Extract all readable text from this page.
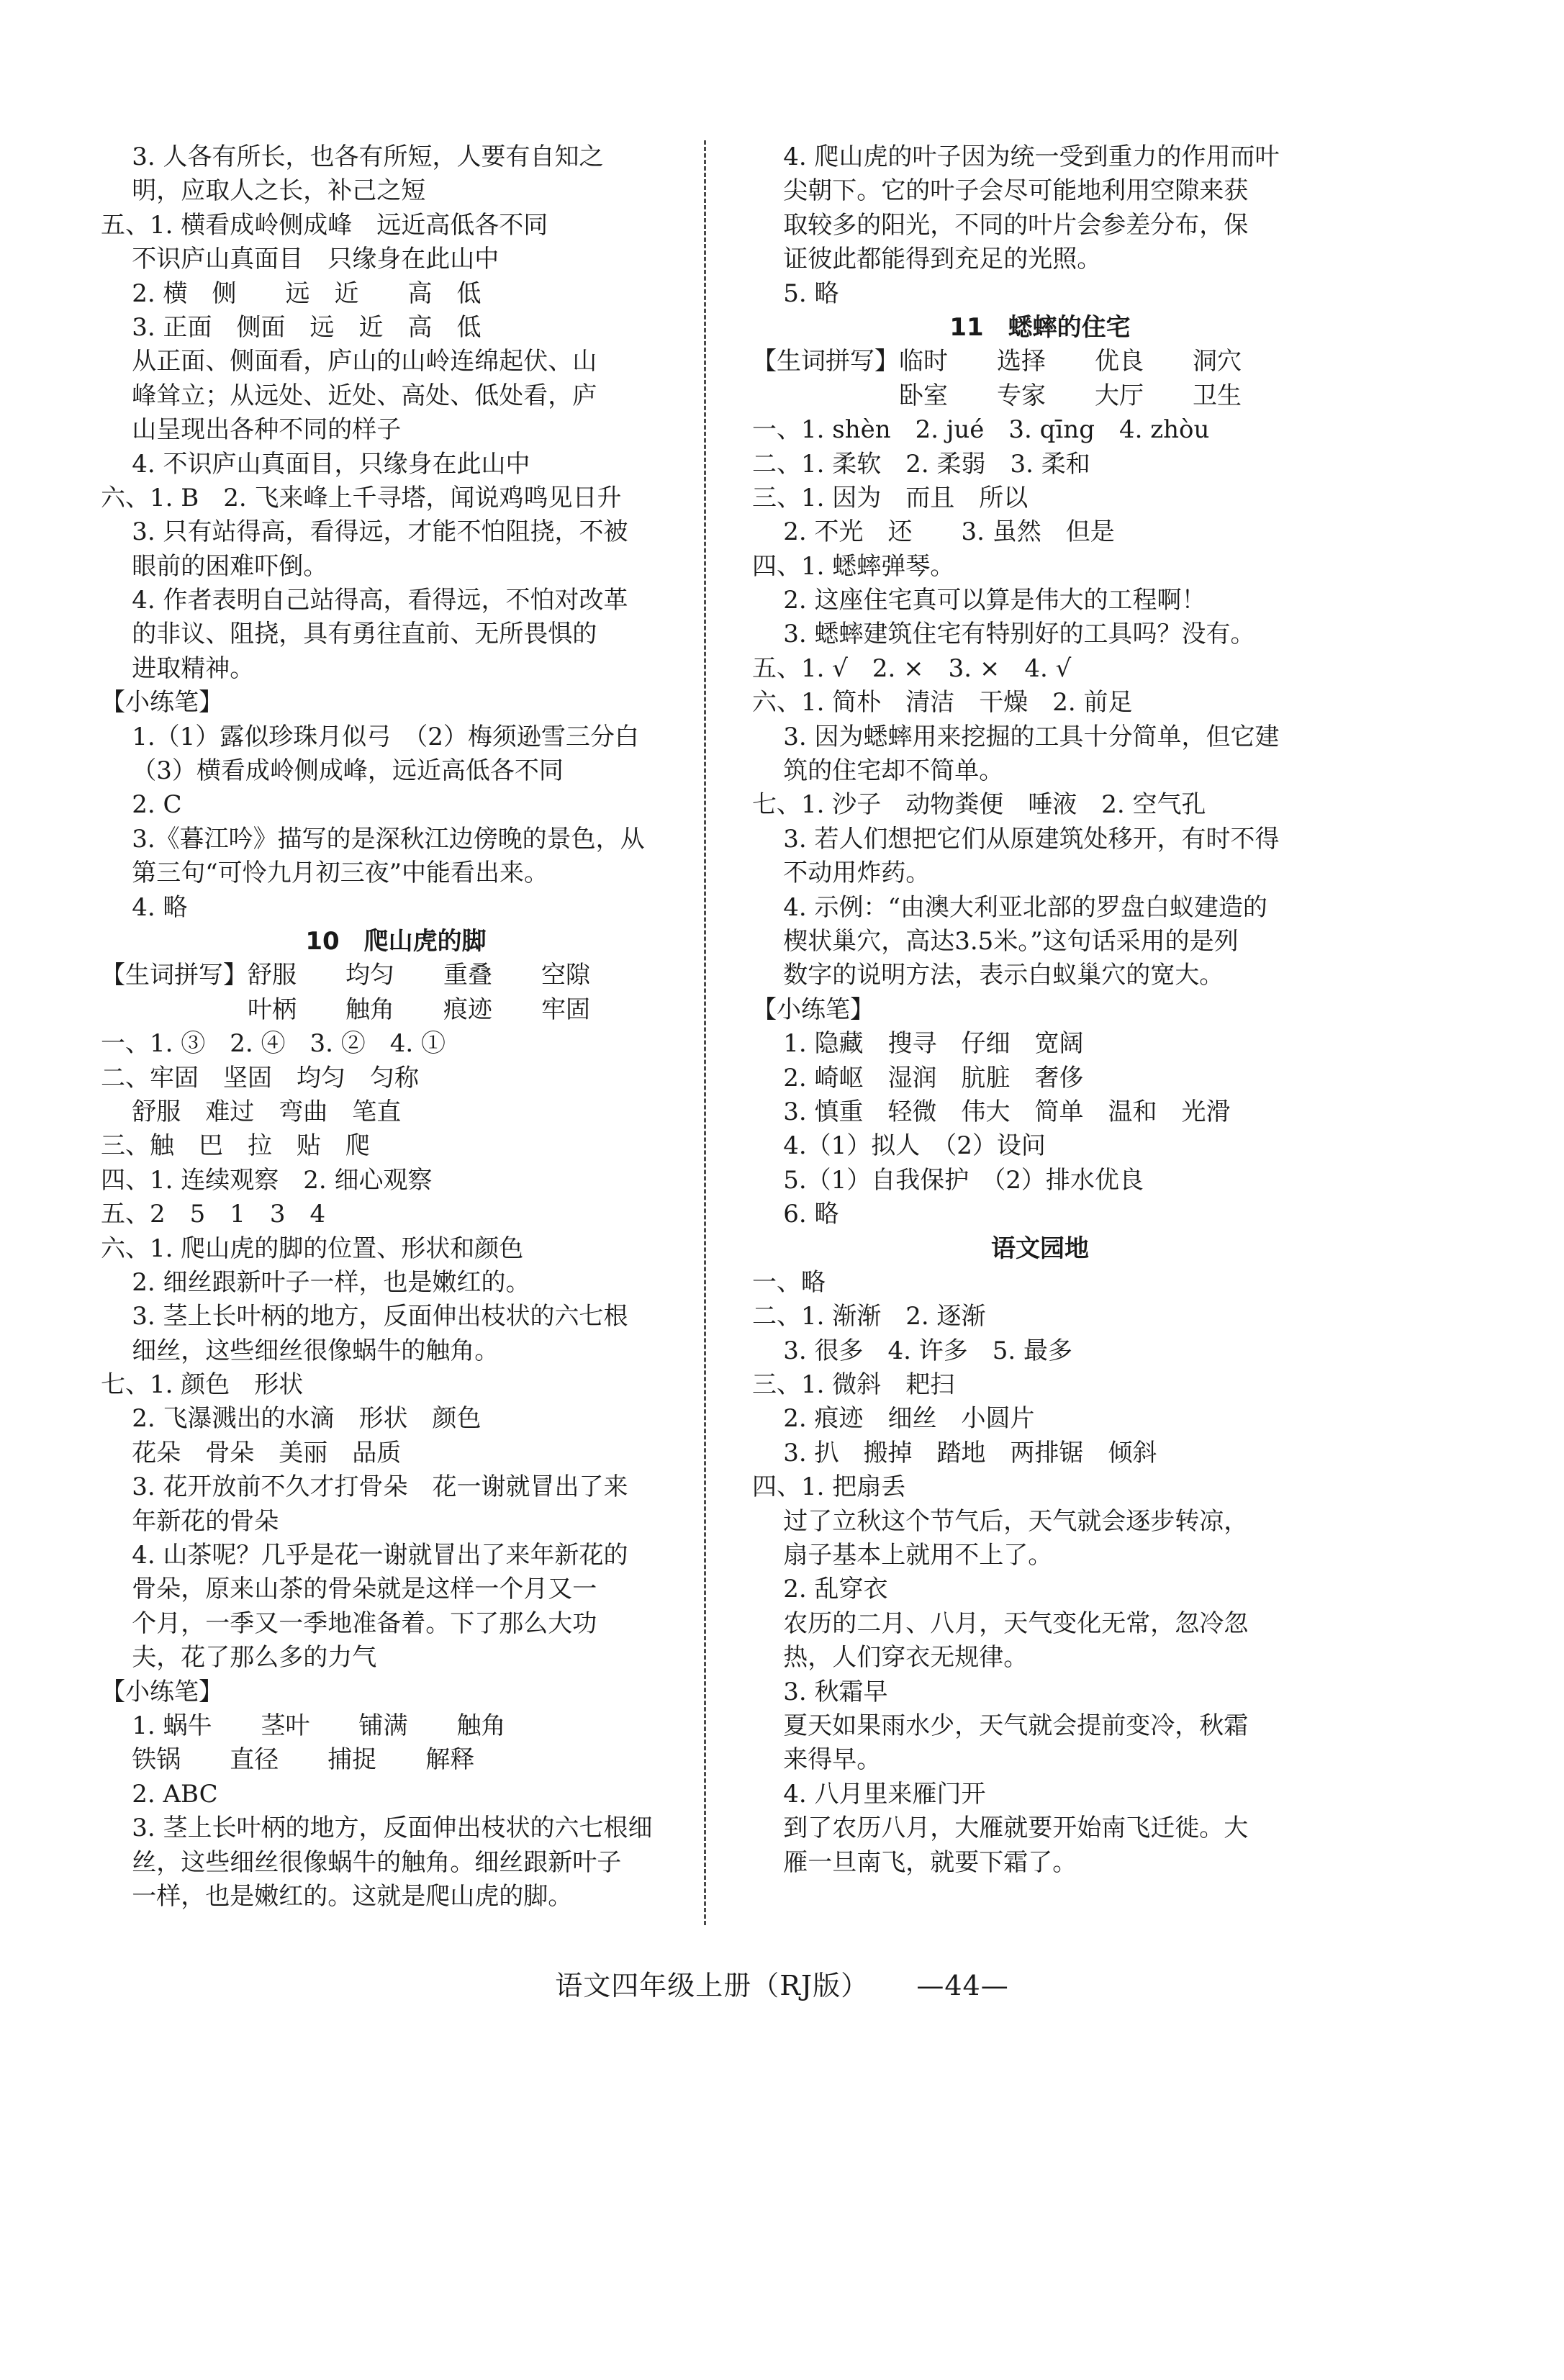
3. 人各有所长，也各有所短，人要有自知之
明，应取人之长，补己之短
五、1. 横看成岭侧成峰　远近高低各不同
不识庐山真面目　只缘身在此山中
2. 横　侧　　远　近　　高　低
3. 正面　侧面　远　近　高　低
从正面、侧面看，庐山的山岭连绵起伏、山
峰耸立；从远处、近处、高处、低处看，庐
山呈现出各种不同的样子
4. 不识庐山真面目，只缘身在此山中
六、1. B　2. 飞来峰上千寻塔，闻说鸡鸣见日升
3. 只有站得高，看得远，才能不怕阻挠，不被
眼前的困难吓倒。
4. 作者表明自己站得高，看得远，不怕对改革
的非议、阻挠，具有勇往直前、无所畏惧的
进取精神。
【小练笔】
1.（1）露似珍珠月似弓　（2）梅须逊雪三分白
（3）横看成岭侧成峰，远近高低各不同
2. C
3.《暮江吟》描写的是深秋江边傍晚的景色，从
第三句“可怜九月初三夜”中能看出来。
4. 略
10　爬山虎的脚
【生词拼写】舒服　　均匀　　重叠　　空隙
　　　　　　叶柄　　触角　　痕迹　　牢固
一、1. ③　2. ④　3. ②　4. ①
二、牢固　坚固　均匀　匀称
舒服　难过　弯曲　笔直
三、触　巴　拉　贴　爬
四、1. 连续观察　2. 细心观察
五、2　5　1　3　4
六、1. 爬山虎的脚的位置、形状和颜色
2. 细丝跟新叶子一样，也是嫩红的。
3. 茎上长叶柄的地方，反面伸出枝状的六七根
细丝，这些细丝很像蜗牛的触角。
七、1. 颜色　形状
2. 飞瀑溅出的水滴　形状　颜色
花朵　骨朵　美丽　品质
3. 花开放前不久才打骨朵　花一谢就冒出了来
年新花的骨朵
4. 山茶呢？几乎是花一谢就冒出了来年新花的
骨朵，原来山茶的骨朵就是这样一个月又一
个月，一季又一季地准备着。下了那么大功
夫，花了那么多的力气
【小练笔】
1. 蜗牛　　茎叶　　铺满　　触角
铁锅　　直径　　捕捉　　解释
2. ABC
3. 茎上长叶柄的地方，反面伸出枝状的六七根细
丝，这些细丝很像蜗牛的触角。细丝跟新叶子
一样，也是嫩红的。这就是爬山虎的脚。
4. 爬山虎的叶子因为统一受到重力的作用而叶
尖朝下。它的叶子会尽可能地利用空隙来获
取较多的阳光，不同的叶片会参差分布，保
证彼此都能得到充足的光照。
5. 略
11　蟋蟀的住宅
【生词拼写】临时　　选择　　优良　　洞穴
　　　　　　卧室　　专家　　大厅　　卫生
一、1. shèn　2. jué　3. qīng　4. zhòu
二、1. 柔软　2. 柔弱　3. 柔和
三、1. 因为　而且　所以
2. 不光　还　　3. 虽然　但是
四、1. 蟋蟀弹琴。
2. 这座住宅真可以算是伟大的工程啊！
3. 蟋蟀建筑住宅有特别好的工具吗？没有。
五、1. √　2. ×　3. ×　4. √
六、1. 简朴　清洁　干燥　2. 前足
3. 因为蟋蟀用来挖掘的工具十分简单，但它建
筑的住宅却不简单。
七、1. 沙子　动物粪便　唾液　2. 空气孔
3. 若人们想把它们从原建筑处移开，有时不得
不动用炸药。
4. 示例：“由澳大利亚北部的罗盘白蚁建造的
楔状巢穴，高达3.5米。”这句话采用的是列
数字的说明方法，表示白蚁巢穴的宽大。
【小练笔】
1. 隐藏　搜寻　仔细　宽阔
2. 崎岖　湿润　肮脏　奢侈
3. 慎重　轻微　伟大　简单　温和　光滑
4.（1）拟人　（2）设问
5.（1）自我保护　（2）排水优良
6. 略
语文园地
一、略
二、1. 渐渐　2. 逐渐
3. 很多　4. 许多　5. 最多
三、1. 微斜　耙扫
2. 痕迹　细丝　小圆片
3. 扒　搬掉　踏地　两排锯　倾斜
四、1. 把扇丢
过了立秋这个节气后，天气就会逐步转凉，
扇子基本上就用不上了。
2. 乱穿衣
农历的二月、八月，天气变化无常，忽冷忽
热，人们穿衣无规律。
3. 秋霜早
夏天如果雨水少，天气就会提前变冷，秋霜
来得早。
4. 八月里来雁门开
到了农历八月，大雁就要开始南飞迁徙。大
雁一旦南飞，就要下霜了。
语文四年级上册（RJ版） —44—
